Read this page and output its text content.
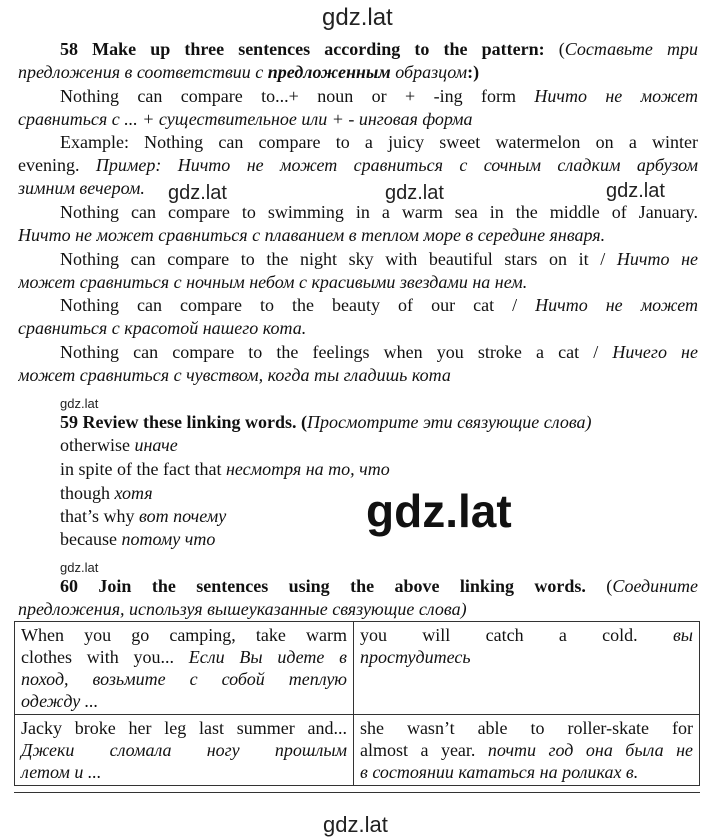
gdz.lat
gdz.lat	gdz.lat	gdz.lat
gdz.lat
gdz.lat
gdz.lat
gdz.lat
58 Make up three sentences according to the pattern: (Составьте три
предложения в соответствии с предложенным образцом:)
Nothing can compare to...+ noun or + -ing form Ничто не может
сравниться с ... + существительное или + - инговая форма
Example: Nothing can compare to a juicy sweet watermelon on a winter
evening. Пример: Ничто не может сравниться с сочным сладким арбузом
зимним вечером.
Nothing can compare to swimming in a warm sea in the middle of January.
Ничто не может сравниться с плаванием в теплом море в середине января.
Nothing can compare to the night sky with beautiful stars on it / Ничто не
может сравниться с ночным небом с красивыми звездами на нем.
Nothing can compare to the beauty of our cat / Ничто не может
сравниться с красотой нашего кота.
Nothing can compare to the feelings when you stroke a cat / Ничего не
может сравниться с чувством, когда ты гладишь кота
59 Review these linking words. (Просмотрите эти связующие слова)
otherwise иначе
in spite of the fact that несмотря на то, что
though хотя
that’s why вот почему
because потому что
60 Join the sentences using the above linking words. (Соедините
предложения, используя вышеуказанные связующие слова)
When you go camping, take warm
clothes with you... Если Вы идете в
поход, возьмите с собой теплую
одежду ...	you will catch a cold. вы
простудитесь

Jacky broke her leg last summer and...
Джеки сломала ногу прошлым
летом и ...	she wasn’t able to roller-skate for
almost a year. почти год она была не
в состоянии кататься на роликах в.
